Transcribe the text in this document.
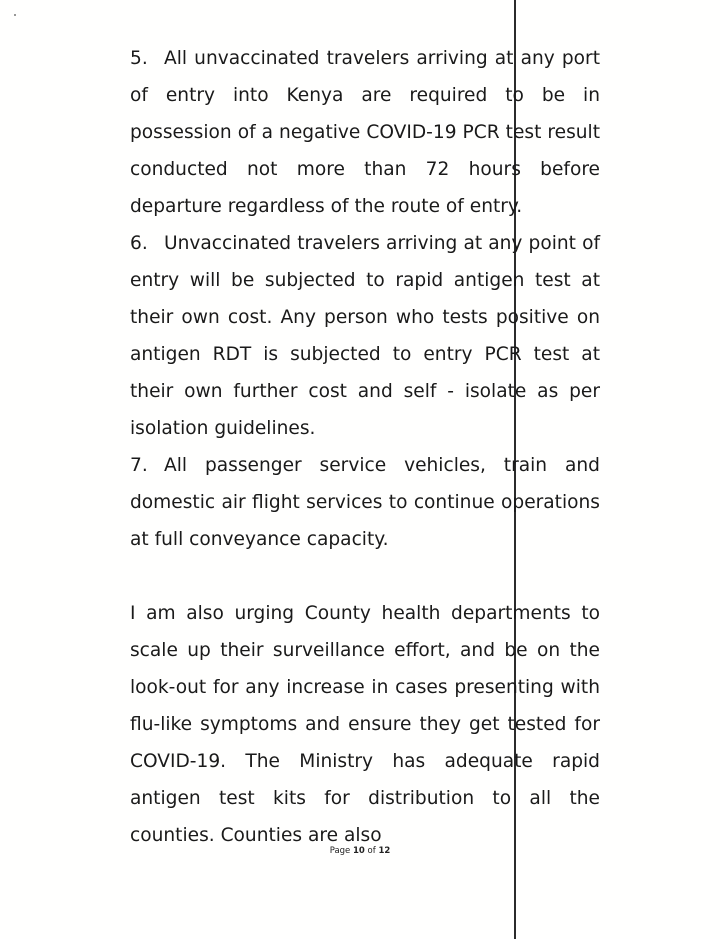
5. All unvaccinated travelers arriving at any port of entry into Kenya are required to be in possession of a negative COVID-19 PCR test result conducted not more than 72 hours before departure regardless of the route of entry.

6. Unvaccinated travelers arriving at any point of entry will be subjected to rapid antigen test at their own cost. Any person who tests positive on antigen RDT is subjected to entry PCR test at their own further cost and self - isolate as per isolation guidelines.

7. All passenger service vehicles, train and domestic air flight services to continue operations at full conveyance capacity.

I am also urging County health departments to scale up their surveillance effort, and be on the look-out for any increase in cases presenting with flu-like symptoms and ensure they get tested for COVID-19. The Ministry has adequate rapid antigen test kits for distribution to all the counties. Counties are also

Page 10 of 12
